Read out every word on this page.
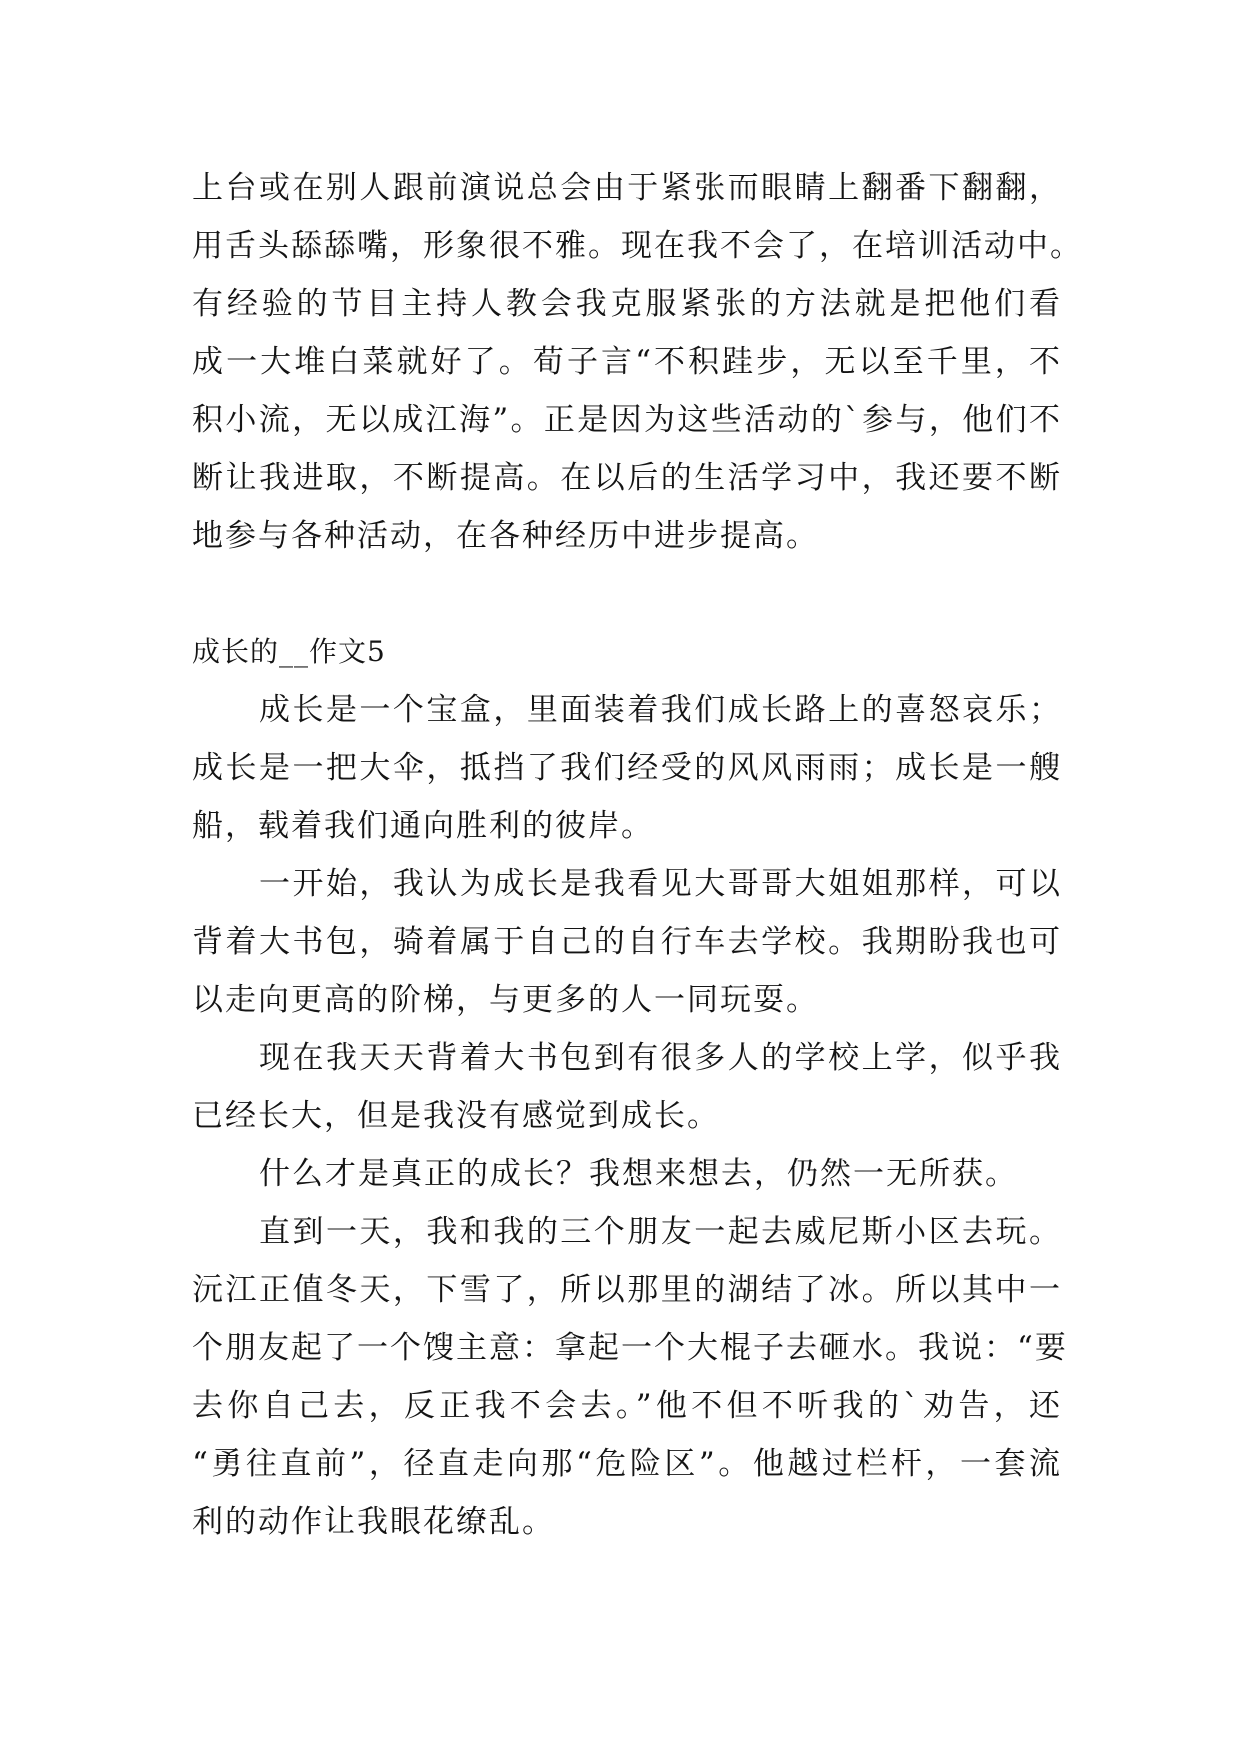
上台或在别人跟前演说总会由于紧张而眼睛上翻番下翻翻，
用舌头舔舔嘴，形象很不雅。现在我不会了，在培训活动中。
有经验的节目主持人教会我克服紧张的方法就是把他们看
成一大堆白菜就好了。荀子言“不积跬步，无以至千里，不
积小流，无以成江海”。正是因为这些活动的`参与，他们不
断让我进取，不断提高。在以后的生活学习中，我还要不断
地参与各种活动，在各种经历中进步提高。
成长的__作文5
成长是一个宝盒，里面装着我们成长路上的喜怒哀乐；
成长是一把大伞，抵挡了我们经受的风风雨雨；成长是一艘
船，载着我们通向胜利的彼岸。
一开始，我认为成长是我看见大哥哥大姐姐那样，可以
背着大书包，骑着属于自己的自行车去学校。我期盼我也可
以走向更高的阶梯，与更多的人一同玩耍。
现在我天天背着大书包到有很多人的学校上学，似乎我
已经长大，但是我没有感觉到成长。
什么才是真正的成长？我想来想去，仍然一无所获。
直到一天，我和我的三个朋友一起去威尼斯小区去玩。
沅江正值冬天，下雪了，所以那里的湖结了冰。所以其中一
个朋友起了一个馊主意：拿起一个大棍子去砸水。我说：“要
去你自己去，反正我不会去。”他不但不听我的`劝告，还
“勇往直前”，径直走向那“危险区”。他越过栏杆，一套流
利的动作让我眼花缭乱。
